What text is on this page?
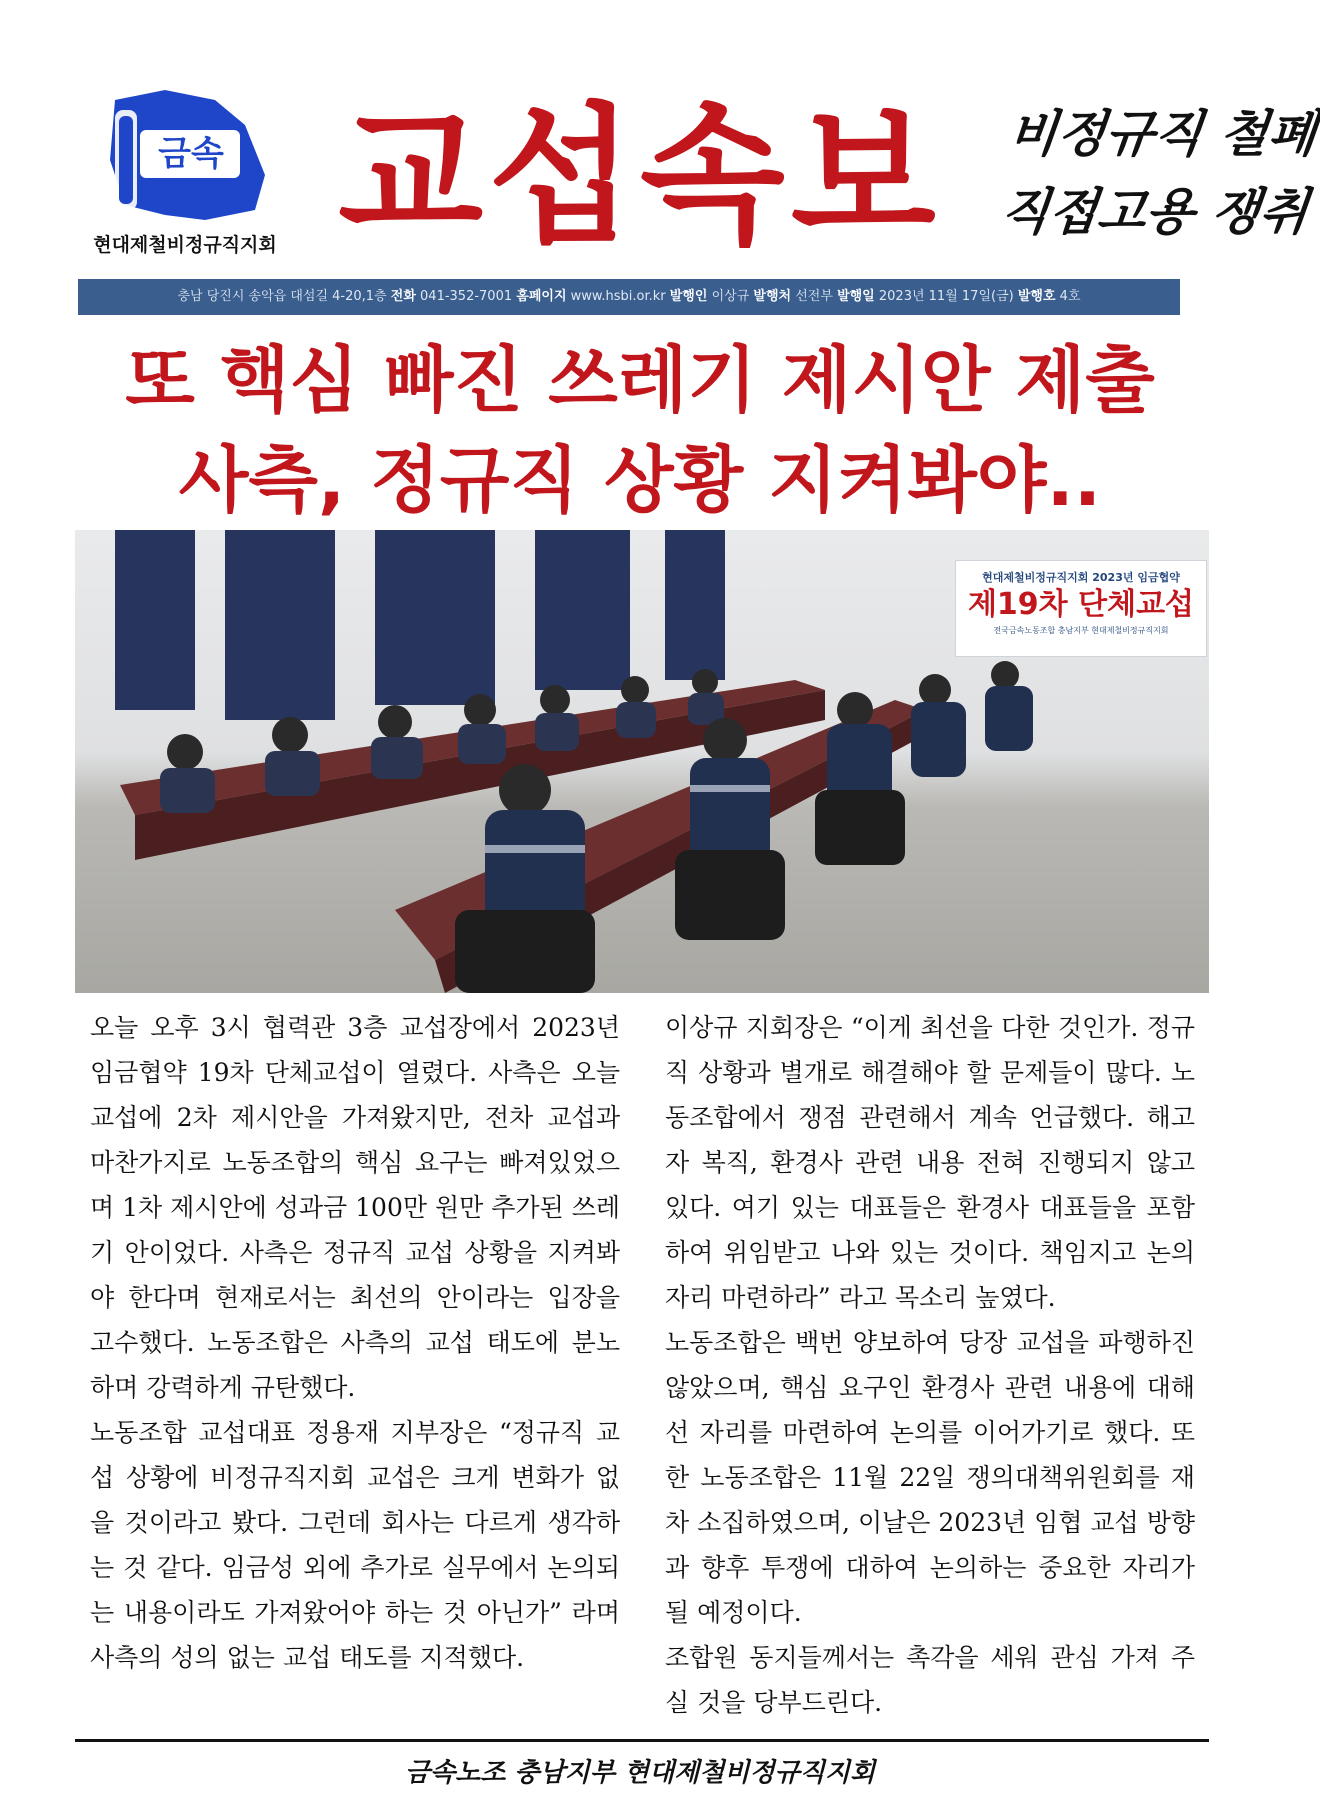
금속
현대제철비정규직지회 교섭속보	비정규직 철폐
직접고용 쟁취
충남 당진시 송악읍 대섬길 4-20,1층 전화 041-352-7001 홈페이지 www.hsbi.or.kr 발행인 이상규 발행처 선전부 발행일 2023년 11월 17일(금) 발행호 4호
또 핵심 빠진 쓰레기 제시안 제출
사측, 정규직 상황 지켜봐야..
현대제철비정규직지회 2023년 임금협약
제19차 단체교섭
전국금속노동조합 충남지부 현대제철비정규직지회

오늘 오후 3시 협력관 3층 교섭장에서 2023년 임금협약 19차 단체교섭이 열렸다. 사측은 오늘 교섭에 2차 제시안을 가져왔지만, 전차 교섭과 마찬가지로 노동조합의 핵심 요구는 빠져있었으며 1차 제시안에 성과금 100만 원만 추가된 쓰레기 안이었다. 사측은 정규직 교섭 상황을 지켜봐야 한다며 현재로서는 최선의 안이라는 입장을 고수했다. 노동조합은 사측의 교섭 태도에 분노하며 강력하게 규탄했다.

노동조합 교섭대표 정용재 지부장은 “정규직 교섭 상황에 비정규직지회 교섭은 크게 변화가 없을 것이라고 봤다. 그런데 회사는 다르게 생각하는 것 같다. 임금성 외에 추가로 실무에서 논의되는 내용이라도 가져왔어야 하는 것 아닌가” 라며 사측의 성의 없는 교섭 태도를 지적했다.

이상규 지회장은 “이게 최선을 다한 것인가. 정규직 상황과 별개로 해결해야 할 문제들이 많다. 노동조합에서 쟁점 관련해서 계속 언급했다. 해고자 복직, 환경사 관련 내용 전혀 진행되지 않고 있다. 여기 있는 대표들은 환경사 대표들을 포함하여 위임받고 나와 있는 것이다. 책임지고 논의 자리 마련하라” 라고 목소리 높였다.

노동조합은 백번 양보하여 당장 교섭을 파행하진 않았으며, 핵심 요구인 환경사 관련 내용에 대해선 자리를 마련하여 논의를 이어가기로 했다. 또한 노동조합은 11월 22일 쟁의대책위원회를 재차 소집하였으며, 이날은 2023년 임협 교섭 방향과 향후 투쟁에 대하여 논의하는 중요한 자리가 될 예정이다.

조합원 동지들께서는 촉각을 세워 관심 가져 주실 것을 당부드린다.

금속노조 충남지부 현대제철비정규직지회
